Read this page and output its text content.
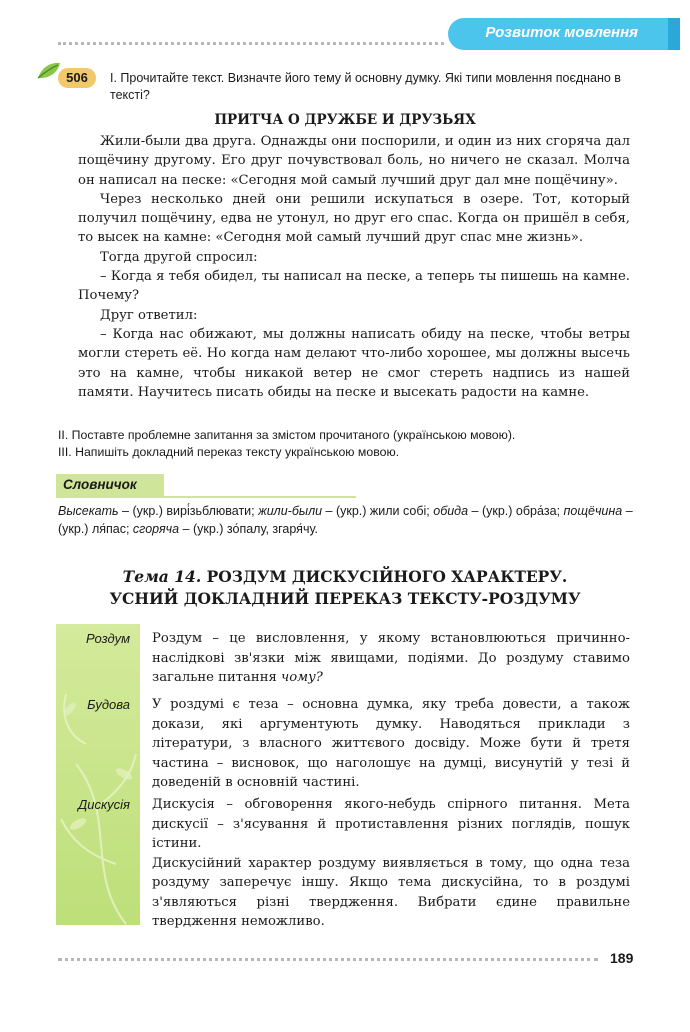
Розвиток мовлення
506	І. Прочитайте текст. Визначте його тему й основну думку. Які типи мовлення поєднано в тексті?
ПРИТЧА О ДРУЖБЕ И ДРУЗЬЯХ

Жили-были два друга. Однажды они поспорили, и один из них сгоряча дал пощёчину другому. Его друг почувствовал боль, но ничего не сказал. Молча он написал на песке: «Сегодня мой самый лучший друг дал мне пощёчину».

Через несколько дней они решили искупаться в озере. Тот, который получил пощёчину, едва не утонул, но друг его спас. Когда он пришёл в себя, то высек на камне: «Сегодня мой самый лучший друг спас мне жизнь».

Тогда другой спросил:

– Когда я тебя обидел, ты написал на песке, а теперь ты пишешь на камне. Почему?

Друг ответил:

– Когда нас обижают, мы должны написать обиду на песке, чтобы ветры могли стереть её. Но когда нам делают что-либо хорошее, мы должны высечь это на камне, чтобы никакой ветер не смог стереть надпись из нашей памяти. Научитесь писать обиды на песке и высекать радости на камне.

II. Поставте проблемне запитання за змістом прочитаного (українською мовою).
III. Напишіть докладний переказ тексту українською мовою.
Словничок
Высекать – (укр.) вирі́зьблювати; жили-были – (укр.) жили собі; обида – (укр.) обра́за; пощёчина – (укр.) ля́пас; сгоряча – (укр.) зо́палу, згаря́чу.
Тема 14. РОЗДУМ ДИСКУСІЙНОГО ХАРАКТЕРУ.
УСНИЙ ДОКЛАДНИЙ ПЕРЕКАЗ ТЕКСТУ-РОЗДУМУ
Роздум Роздум – це висловлення, у якому встановлюються причинно-наслідкові зв'язки між явищами, подіями. До роздуму ставимо загальне питання чому?

Будова У роздумі є теза – основна думка, яку треба довести, а також докази, які аргументують думку. Наводяться приклади з літератури, з власного життєвого досвіду. Може бути й третя частина – висновок, що наголошує на думці, висунутій у тезі й доведеній в основній частині.

Дискусія Дискусія – обговорення якого-небудь спірного питання. Мета дискусії – з'ясування й протиставлення різних поглядів, пошук істини.

Дискусійний характер роздуму виявляється в тому, що одна теза роздуму заперечує іншу. Якщо тема дискусійна, то в роздумі з'являються різні твердження. Вибрати єдине правильне твердження неможливо.

189
